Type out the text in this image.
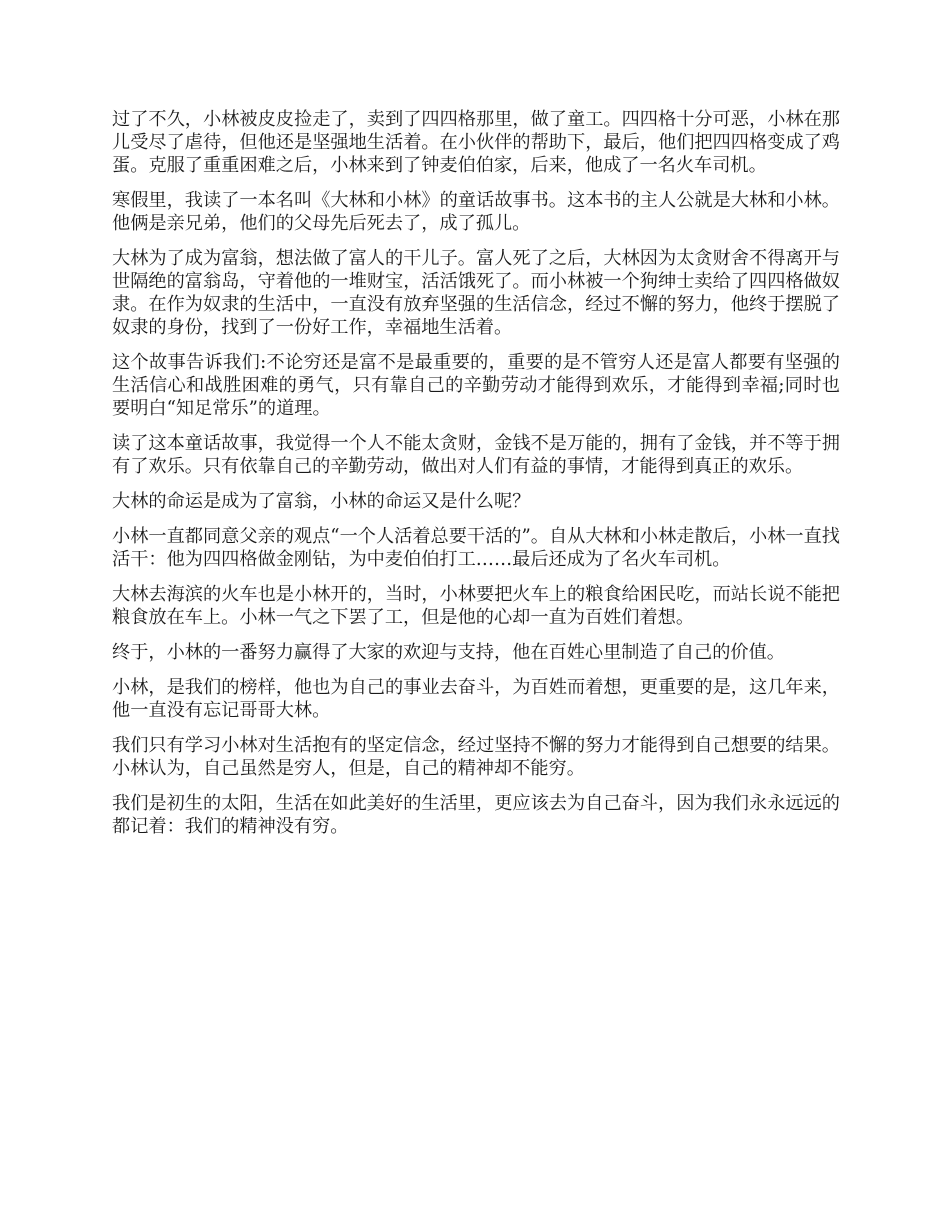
过了不久，小林被皮皮捡走了，卖到了四四格那里，做了童工。四四格十分可恶，小林在那儿受尽了虐待，但他还是坚强地生活着。在小伙伴的帮助下，最后，他们把四四格变成了鸡蛋。克服了重重困难之后，小林来到了钟麦伯伯家，后来，他成了一名火车司机。

寒假里，我读了一本名叫《大林和小林》的童话故事书。这本书的主人公就是大林和小林。他俩是亲兄弟，他们的父母先后死去了，成了孤儿。

大林为了成为富翁，想法做了富人的干儿子。富人死了之后，大林因为太贪财舍不得离开与世隔绝的富翁岛，守着他的一堆财宝，活活饿死了。而小林被一个狗绅士卖给了四四格做奴隶。在作为奴隶的生活中，一直没有放弃坚强的生活信念，经过不懈的努力，他终于摆脱了奴隶的身份，找到了一份好工作，幸福地生活着。

这个故事告诉我们:不论穷还是富不是最重要的，重要的是不管穷人还是富人都要有坚强的生活信心和战胜困难的勇气，只有靠自己的辛勤劳动才能得到欢乐，才能得到幸福;同时也要明白“知足常乐”的道理。

读了这本童话故事，我觉得一个人不能太贪财，金钱不是万能的，拥有了金钱，并不等于拥有了欢乐。只有依靠自己的辛勤劳动，做出对人们有益的事情，才能得到真正的欢乐。

大林的命运是成为了富翁，小林的命运又是什么呢？

小林一直都同意父亲的观点“一个人活着总要干活的”。自从大林和小林走散后，小林一直找活干：他为四四格做金刚钻，为中麦伯伯打工……最后还成为了名火车司机。

大林去海滨的火车也是小林开的，当时，小林要把火车上的粮食给困民吃，而站长说不能把粮食放在车上。小林一气之下罢了工，但是他的心却一直为百姓们着想。

终于，小林的一番努力赢得了大家的欢迎与支持，他在百姓心里制造了自己的价值。

小林，是我们的榜样，他也为自己的事业去奋斗，为百姓而着想，更重要的是，这几年来，他一直没有忘记哥哥大林。

我们只有学习小林对生活抱有的坚定信念，经过坚持不懈的努力才能得到自己想要的结果。小林认为，自己虽然是穷人，但是，自己的精神却不能穷。

我们是初生的太阳，生活在如此美好的生活里，更应该去为自己奋斗，因为我们永永远远的都记着：我们的精神没有穷。
